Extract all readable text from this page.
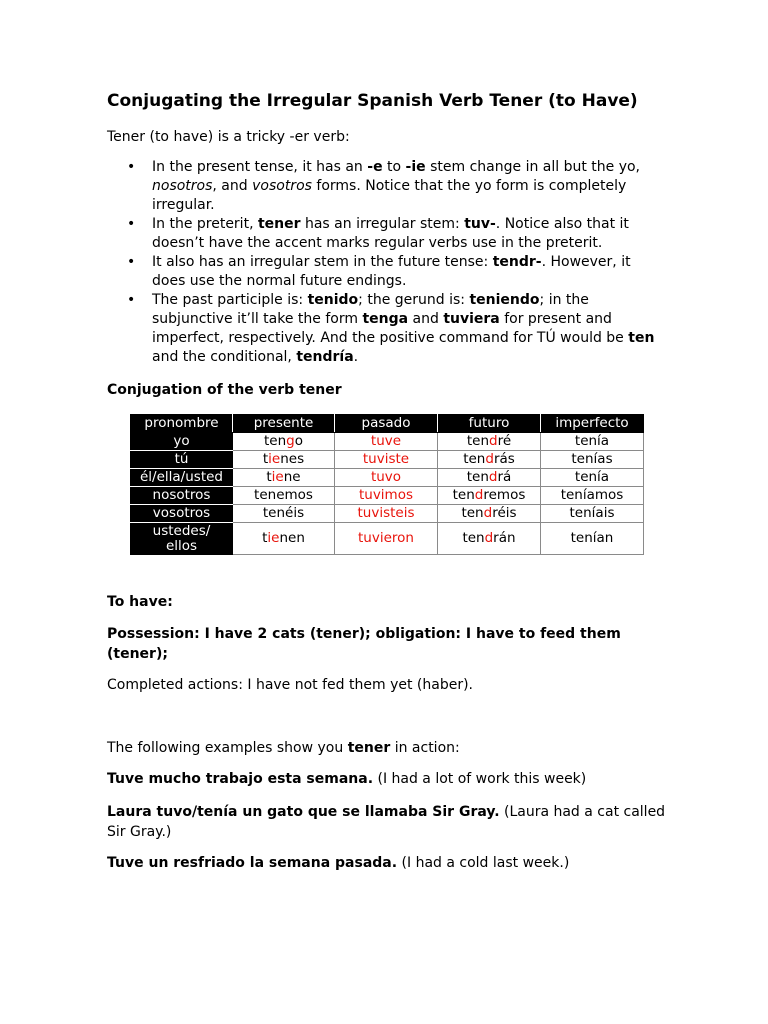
Conjugating the Irregular Spanish Verb Tener (to Have)

Tener (to have) is a tricky -er verb:

• In the present tense, it has an -e to -ie stem change in all but the yo, nosotros, and vosotros forms. Notice that the yo form is completely irregular.
• In the preterit, tener has an irregular stem: tuv-. Notice also that it doesn’t have the accent marks regular verbs use in the preterit.
• It also has an irregular stem in the future tense: tendr-. However, it does use the normal future endings.
• The past participle is: tenido; the gerund is: teniendo; in the subjunctive it’ll take the form tenga and tuviera for present and imperfect, respectively. And the positive command for TÚ would be ten and the conditional, tendría.

Conjugation of the verb tener

pronombre	presente	pasado	futuro	imperfecto
yo	tengo	tuve	tendré	tenía
tú	tienes	tuviste	tendrás	tenías
él/ella/usted	tiene	tuvo	tendrá	tenía
nosotros	tenemos	tuvimos	tendremos	teníamos
vosotros	tenéis	tuvisteis	tendréis	teníais
ustedes/
ellos	tienen	tuvieron	tendrán	tenían

To have:

Possession: I have 2 cats (tener); obligation: I have to feed them (tener);

Completed actions: I have not fed them yet (haber).

The following examples show you tener in action:

Tuve mucho trabajo esta semana. (I had a lot of work this week)

Laura tuvo/tenía un gato que se llamaba Sir Gray. (Laura had a cat called Sir Gray.)

Tuve un resfriado la semana pasada. (I had a cold last week.)
